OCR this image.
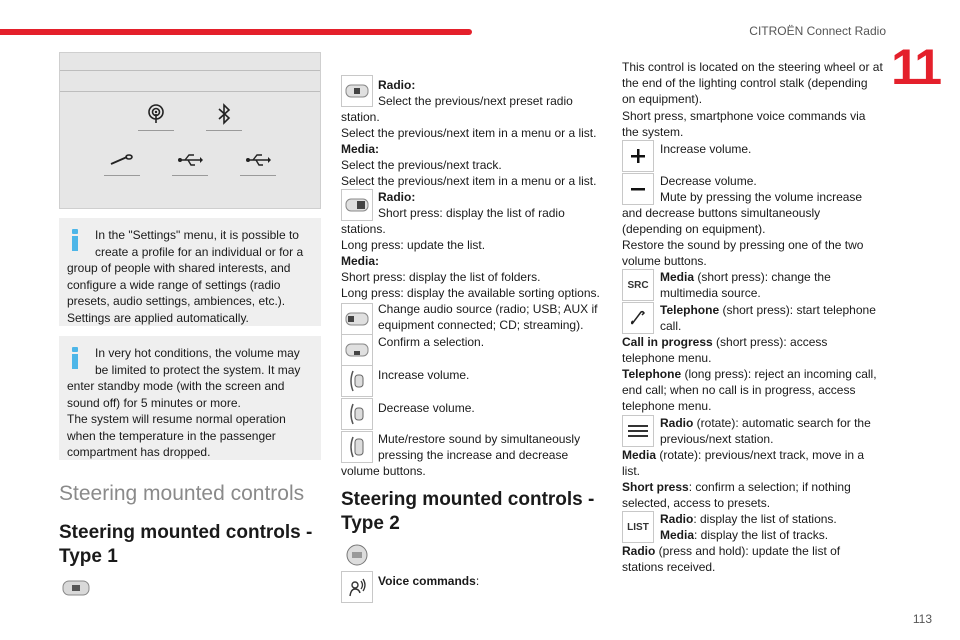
CITROËN Connect Radio
11
In the "Settings" menu, it is possible to create a profile for an individual or for a group of people with shared interests, and configure a wide range of settings (radio presets, audio settings, ambiences, etc.). Settings are applied automatically.
In very hot conditions, the volume may be limited to protect the system. It may enter standby mode (with the screen and sound off) for 5 minutes or more.
The system will resume normal operation when the temperature in the passenger compartment has dropped.
Steering mounted controls
Steering mounted controls - Type 1
Radio:
Select the previous/next preset radio
station.
Select the previous/next item in a menu or a list.
Media:
Select the previous/next track.
Select the previous/next item in a menu or a list.
Radio:
Short press: display the list of radio
stations.
Long press: update the list.
Media:
Short press: display the list of folders.
Long press: display the available sorting options.
Change audio source (radio; USB; AUX if equipment connected; CD; streaming).
Confirm a selection.
Increase volume.
Decrease volume.
Mute/restore sound by simultaneously
pressing the increase and decrease
volume buttons.
Steering mounted controls - Type 2
Voice commands:
This control is located on the steering wheel or at the end of the lighting control stalk (depending on equipment).
Short press, smartphone voice commands via the system.
Increase volume.
Decrease volume.
Mute by pressing the volume increase
and decrease buttons simultaneously
(depending on equipment).
Restore the sound by pressing one of the two
volume buttons.
SRC
Media (short press): change the
multimedia source.
Telephone (short press): start telephone
call.
Call in progress (short press): access
telephone menu.
Telephone (long press): reject an incoming call,
end call; when no call is in progress, access
telephone menu.
Radio (rotate): automatic search for the
previous/next station.
Media (rotate): previous/next track, move in a
list.
Short press: confirm a selection; if nothing
selected, access to presets.
LIST
Radio: display the list of stations.
Media: display the list of tracks.
Radio (press and hold): update the list of
stations received.
113
